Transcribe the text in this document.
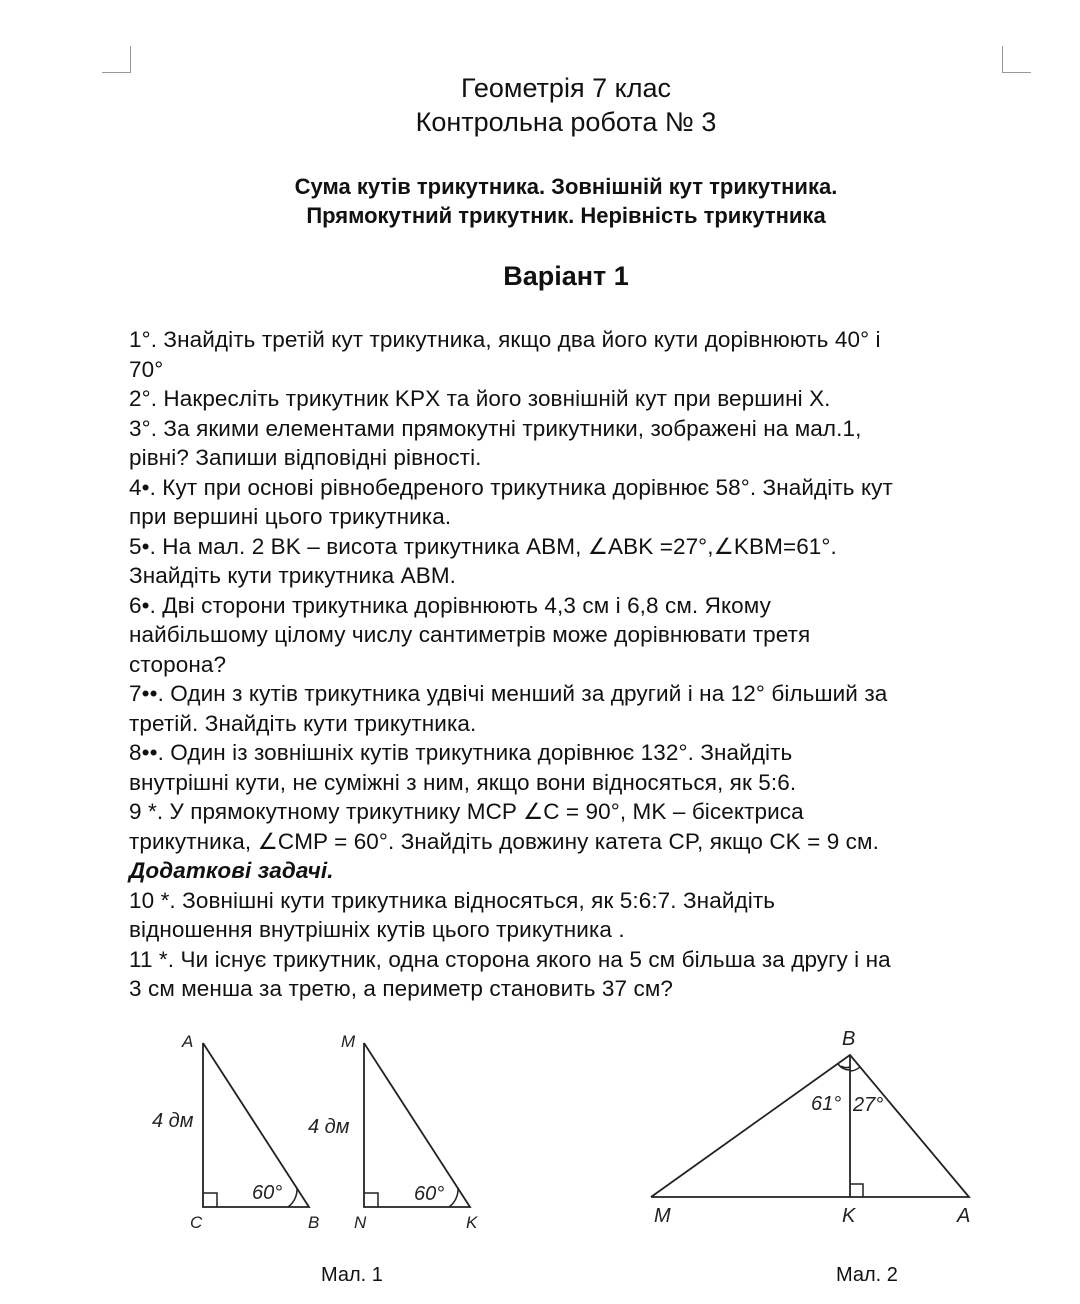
Геометрія 7 клас
Контрольна робота № 3
Сума кутів трикутника. Зовнішній кут трикутника.
Прямокутний трикутник. Нерівність трикутника
Варіант 1
1°. Знайдіть третій кут трикутника, якщо два його кути дорівнюють 40° і
70°
2°. Накресліть трикутник KPX та його зовнішній кут при вершині X.
3°. За якими елементами прямокутні трикутники, зображені на мал.1,
рівні? Запиши відповідні рівності.
4•. Кут при основі рівнобедреного трикутника дорівнює 58°. Знайдіть кут
при вершині цього трикутника.
5•. На мал. 2 BK – висота трикутника ABM, ∠ABK =27°,∠KBM=61°.
Знайдіть кути трикутника ABM.
6•. Дві сторони трикутника дорівнюють 4,3 см і 6,8 см. Якому
найбільшому цілому числу сантиметрів може дорівнювати третя
сторона?
7••. Один з кутів трикутника удвічі менший за другий і на 12° більший за
третій. Знайдіть кути трикутника.
8••. Один із зовнішніх кутів трикутника дорівнює 132°. Знайдіть
внутрішні кути, не суміжні з ним, якщо вони відносяться, як 5:6.
9 *. У прямокутному трикутнику MCP ∠C = 90°, MK – бісектриса
трикутника, ∠CMP = 60°. Знайдіть довжину катета CP, якщо CK = 9 см.
Додаткові задачі.
10 *. Зовнішні кути трикутника відносяться, як 5:6:7. Знайдіть
відношення внутрішніх кутів цього трикутника .
11 *. Чи існує трикутник, одна сторона якого на 5 см більша за другу і на
3 см менша за третю, а периметр становить 37 см?
A
4 дм
60°
C	B
M
4 дм
60°
N	K
B
61° 27°
M	K	A
Мал. 1	Мал. 2
